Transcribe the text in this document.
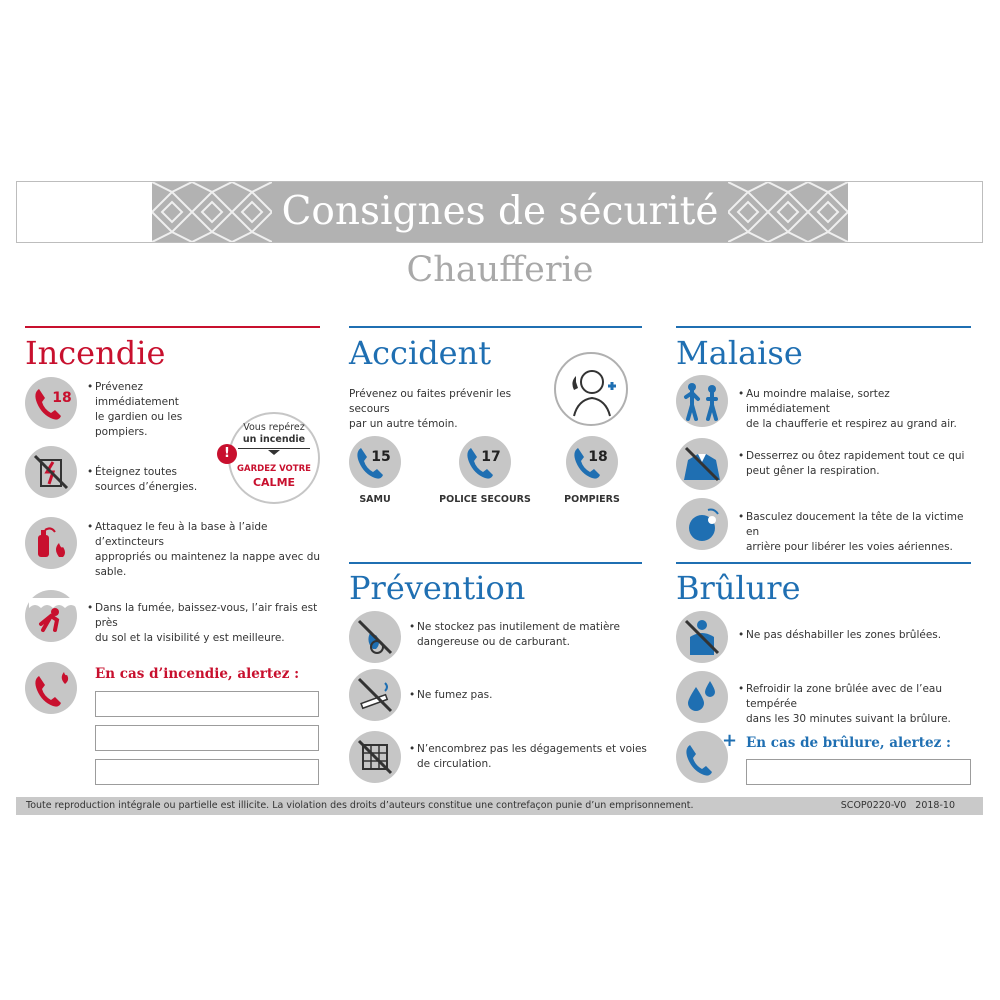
Consignes de sécurité
Chaufferie
Incendie
18
• Prévenez
immédiatement
le gardien ou les pompiers.	Vous repérez
un incendie
GARDEZ VOTRE
CALME
!
• Éteignez toutes
sources d’énergies.
• Attaquez le feu à la base à l’aide d’extincteurs
appropriés ou maintenez la nappe avec du
sable.
• Dans la fumée, baissez-vous, l’air frais est près
du sol et la visibilité y est meilleure.
En cas d’incendie, alertez :
Accident
Prévenez ou faites prévenir les secours
par un autre témoin.
15
SAMU
17
POLICE SECOURS
18
POMPIERS
Prévention
• Ne stockez pas inutilement de matière
dangereuse ou de carburant.
• Ne fumez pas.
• N’encombrez pas les dégagements et voies
de circulation.
Malaise
• Au moindre malaise, sortez immédiatement
de la chaufferie et respirez au grand air.
• Desserrez ou ôtez rapidement tout ce qui
peut gêner la respiration.
• Basculez doucement la tête de la victime en
arrière pour libérer les voies aériennes.
Brûlure
• Ne pas déshabiller les zones brûlées.
• Refroidir la zone brûlée avec de l’eau tempérée
dans les 30 minutes suivant la brûlure.
+ En cas de brûlure, alertez :
Toute reproduction intégrale ou partielle est illicite. La violation des droits d’auteurs constitue une contrefaçon punie d’un emprisonnement.	SCOP0220-V0   2018-10
